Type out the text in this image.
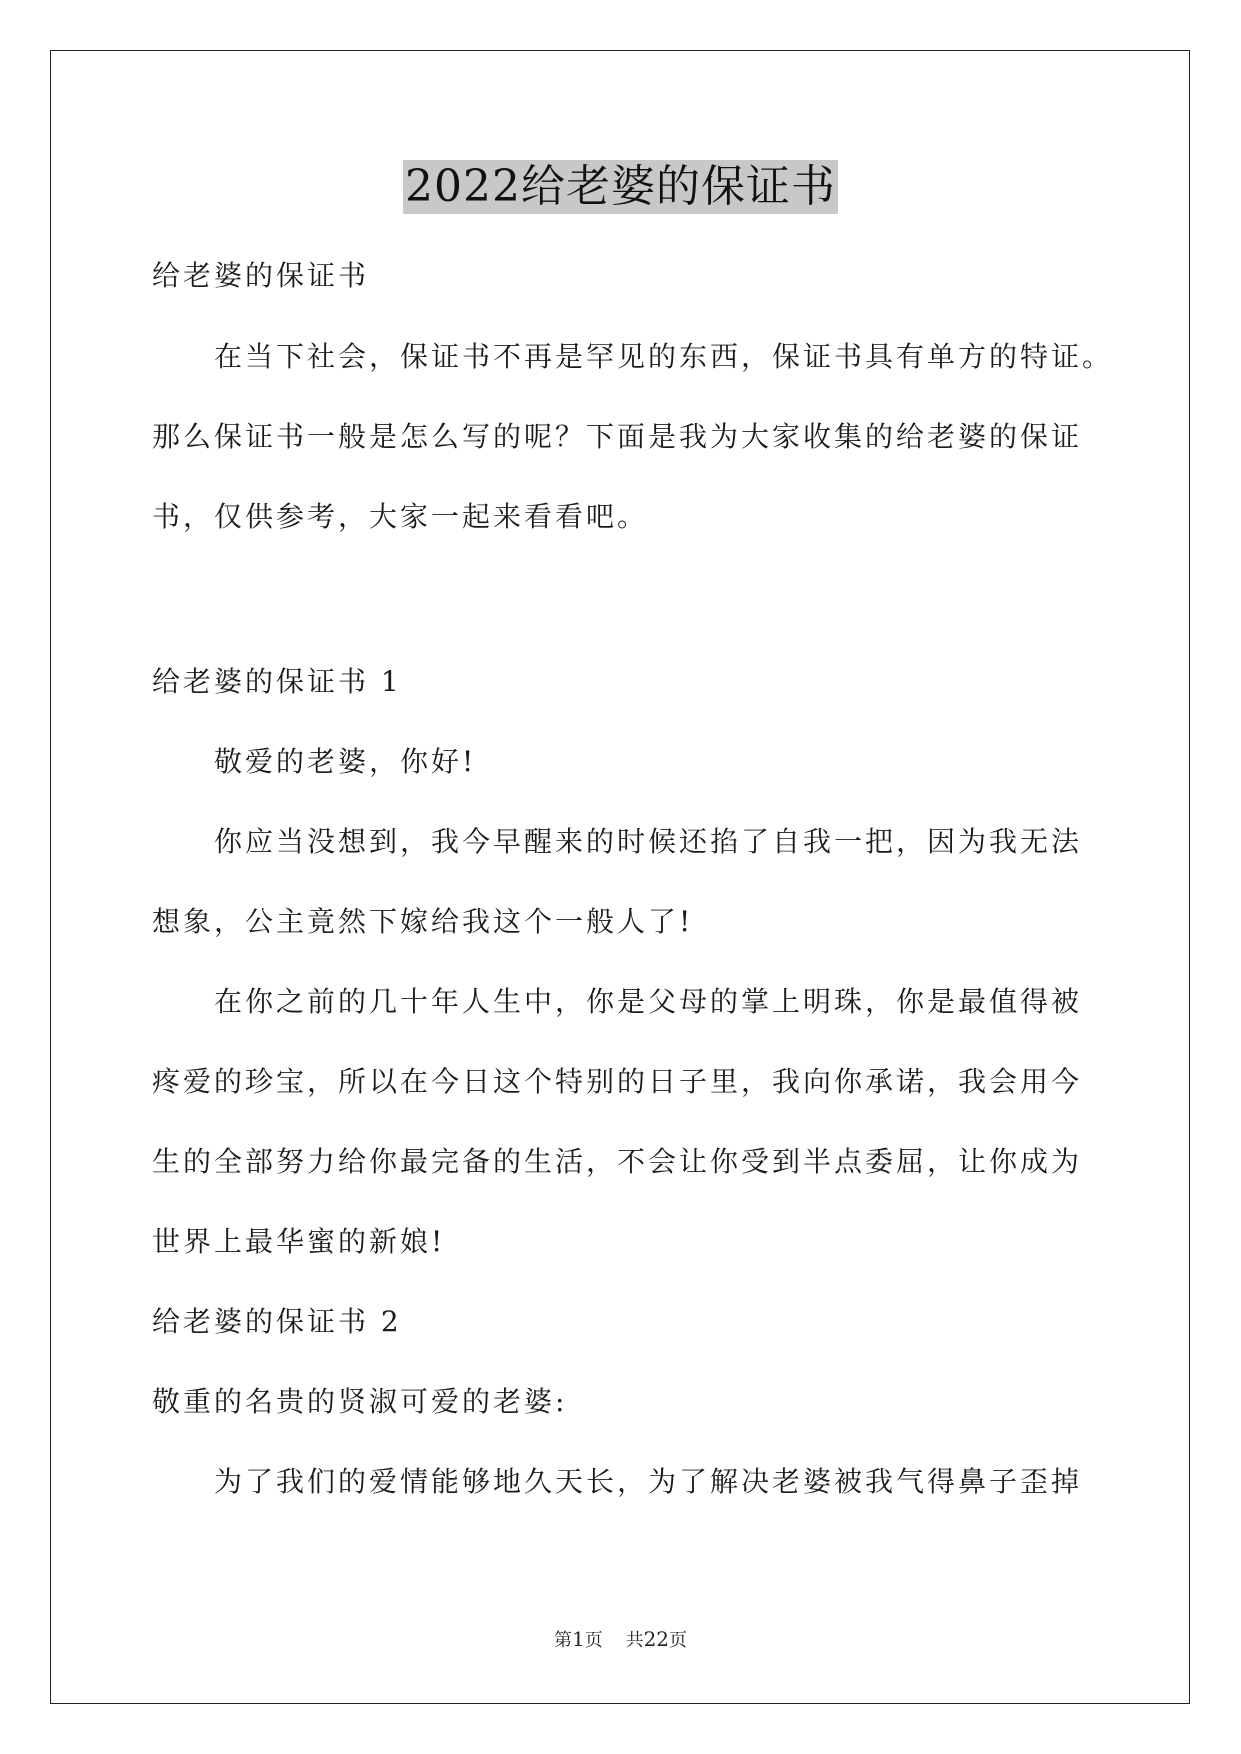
2022给老婆的保证书
给老婆的保证书
在当下社会，保证书不再是罕见的东西，保证书具有单方的特证。
那么保证书一般是怎么写的呢？下面是我为大家收集的给老婆的保证
书，仅供参考，大家一起来看看吧。
给老婆的保证书 1
敬爱的老婆，你好!
你应当没想到，我今早醒来的时候还掐了自我一把，因为我无法
想象，公主竟然下嫁给我这个一般人了!
在你之前的几十年人生中，你是父母的掌上明珠，你是最值得被
疼爱的珍宝，所以在今日这个特别的日子里，我向你承诺，我会用今
生的全部努力给你最完备的生活，不会让你受到半点委屈，让你成为
世界上最华蜜的新娘!
给老婆的保证书 2
敬重的名贵的贤淑可爱的老婆:
为了我们的爱情能够地久天长，为了解决老婆被我气得鼻子歪掉
第1页 共22页
